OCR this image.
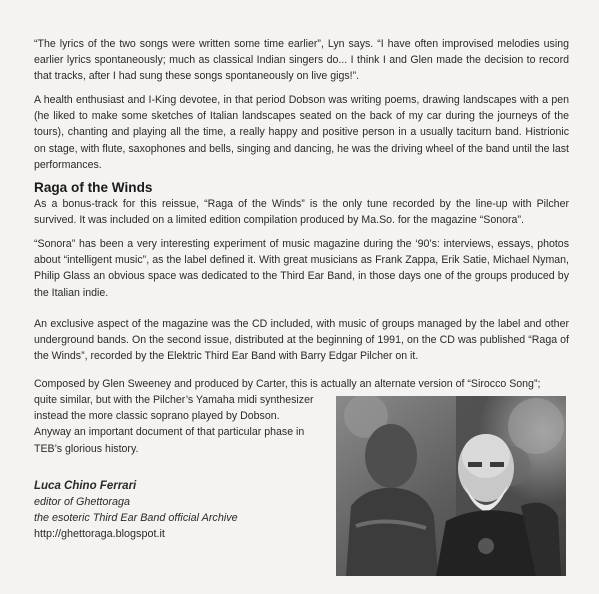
“The lyrics of the two songs were written some time earlier”, Lyn says. “I have often improvised melodies using earlier lyrics spontaneously; much as classical Indian singers do... I think I and Glen made the decision to record that tracks, after I had sung these songs spontaneously on live gigs!”.

A health enthusiast and I-King devotee, in that period Dobson was writing poems, drawing landscapes with a pen (he liked to make some sketches of Italian landscapes seated on the back of my car during the journeys of the tours), chanting and playing all the time, a really happy and positive person in a usually taciturn band. Histrionic on stage, with flute, saxophones and bells, singing and dancing, he was the driving wheel of the band until the last performances.

Raga of the Winds

As a bonus-track for this reissue, “Raga of the Winds” is the only tune recorded by the line-up with Pilcher survived. It was included on a limited edition compilation produced by Ma.So. for the magazine “Sonora”.

“Sonora” has been a very interesting experiment of music magazine during the ‘90’s: interviews, essays, photos about “intelligent music”, as the label defined it. With great musicians as Frank Zappa, Erik Satie, Michael Nyman, Philip Glass an obvious space was dedicated to the Third Ear Band, in those days one of the groups produced by the Italian indie.

An exclusive aspect of the magazine was the CD included, with music of groups managed by the label and other underground bands. On the second issue, distributed at the beginning of 1991, on the CD was published “Raga of the Winds”, recorded by the Elektric Third Ear Band with Barry Edgar Pilcher on it.

Composed by Glen Sweeney and produced by Carter, this is actually an alternate version of “Sirocco Song”;

quite similar, but with the Pilcher’s Yamaha midi synthesizer instead the more classic soprano played by Dobson. Anyway an important document of that particular phase in TEB’s glorious history.

Luca Chino Ferrari
editor of Ghettoraga
the esoteric Third Ear Band official Archive
http://ghettoraga.blogspot.it
